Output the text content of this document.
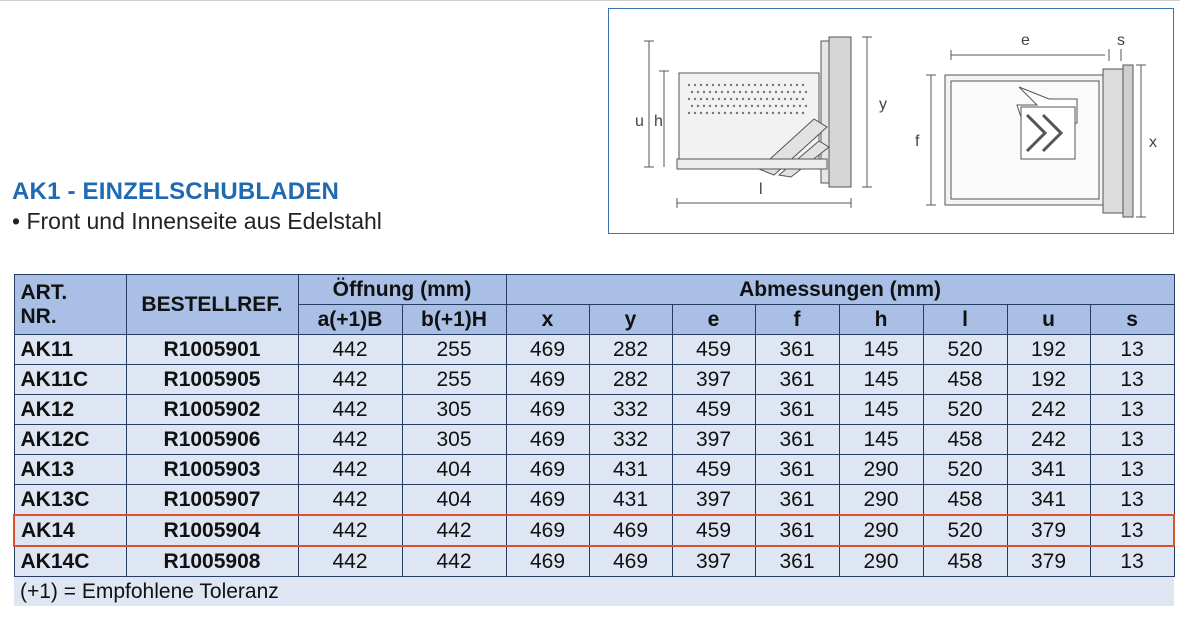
AK1 - EINZELSCHUBLADEN
• Front und Innenseite aus Edelstahl
u h
y
l
e	s
f	x
ART.
NR.	BESTELLREF.	Öffnung (mm)		Abmessungen (mm)							
		a(+1)B	b(+1)H	x	y	e	f	h	l	u	s
AK11	R1005901	442	255	469	282	459	361	145	520	192	13
AK11C	R1005905	442	255	469	282	397	361	145	458	192	13
AK12	R1005902	442	305	469	332	459	361	145	520	242	13
AK12C	R1005906	442	305	469	332	397	361	145	458	242	13
AK13	R1005903	442	404	469	431	459	361	290	520	341	13
AK13C	R1005907	442	404	469	431	397	361	290	458	341	13
AK14	R1005904	442	442	469	469	459	361	290	520	379	13
AK14C	R1005908	442	442	469	469	397	361	290	458	379	13
(+1) = Empfohlene Toleranz											
